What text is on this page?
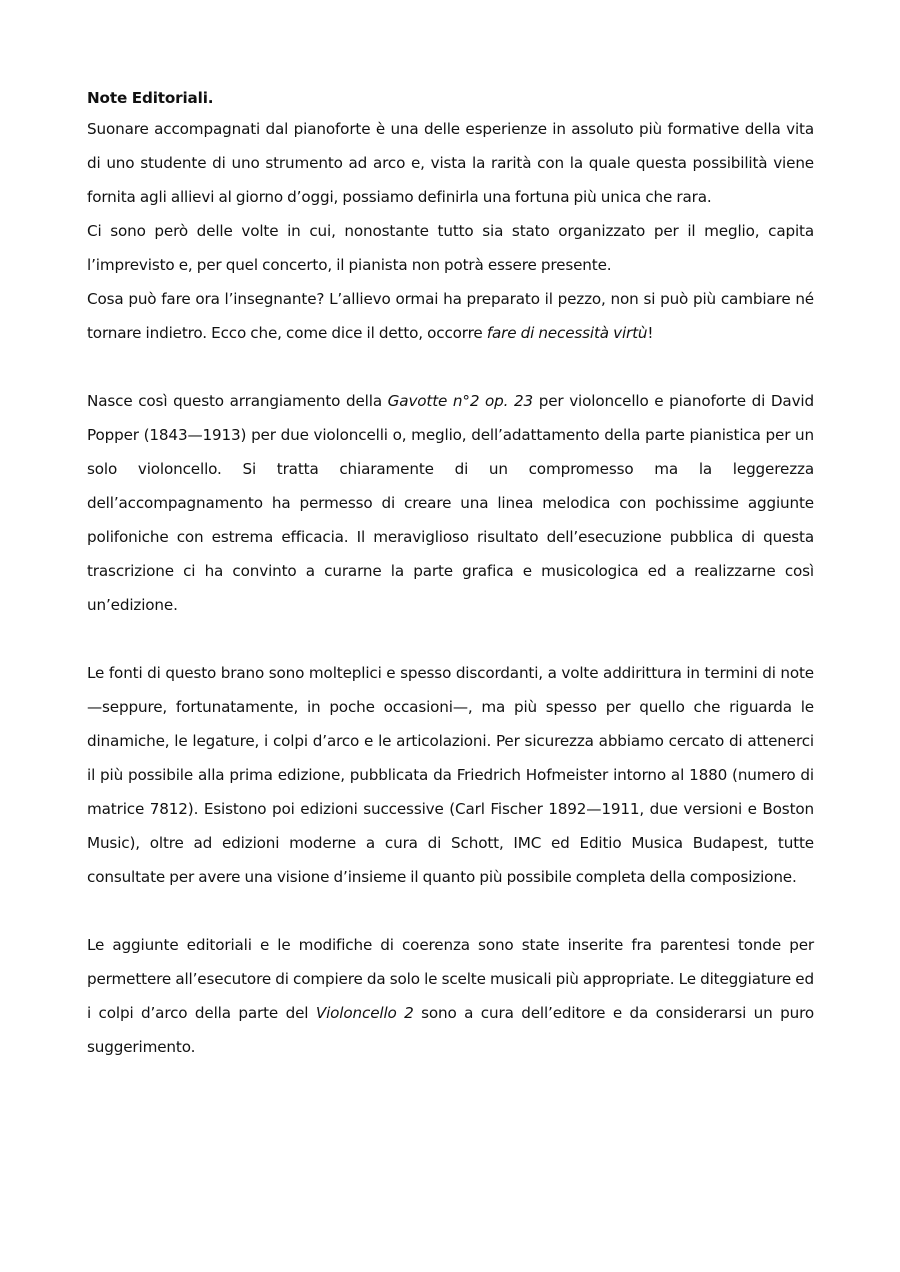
Note Editoriali.

Suonare accompagnati dal pianoforte è una delle esperienze in assoluto più formative della vita di uno studente di uno strumento ad arco e, vista la rarità con la quale questa possibilità viene fornita agli allievi al giorno d’oggi, possiamo definirla una fortuna più unica che rara.

Ci sono però delle volte in cui, nonostante tutto sia stato organizzato per il meglio, capita l’imprevisto e, per quel concerto, il pianista non potrà essere presente.

Cosa può fare ora l’insegnante? L’allievo ormai ha preparato il pezzo, non si può più cambiare né tornare indietro. Ecco che, come dice il detto, occorre fare di necessità virtù!

Nasce così questo arrangiamento della Gavotte n°2 op. 23 per violoncello e pianoforte di David Popper (1843—1913) per due violoncelli o, meglio, dell’adattamento della parte pianistica per un solo violoncello. Si tratta chiaramente di un compromesso ma la leggerezza dell’accompagnamento ha permesso di creare una linea melodica con pochissime aggiunte polifoniche con estrema efficacia. Il meraviglioso risultato dell’esecuzione pubblica di questa trascrizione ci ha convinto a curarne la parte grafica e musicologica ed a realizzarne così un’edizione.

Le fonti di questo brano sono molteplici e spesso discordanti, a volte addirittura in termini di note —seppure, fortunatamente, in poche occasioni—, ma più spesso per quello che riguarda le dinamiche, le legature, i colpi d’arco e le articolazioni. Per sicurezza abbiamo cercato di attenerci il più possibile alla prima edizione, pubblicata da Friedrich Hofmeister intorno al 1880 (numero di matrice 7812). Esistono poi edizioni successive (Carl Fischer 1892—1911, due versioni e Boston Music), oltre ad edizioni moderne a cura di Schott, IMC ed Editio Musica Budapest, tutte consultate per avere una visione d’insieme il quanto più possibile completa della composizione.

Le aggiunte editoriali e le modifiche di coerenza sono state inserite fra parentesi tonde per permettere all’esecutore di compiere da solo le scelte musicali più appropriate. Le diteggiature ed i colpi d’arco della parte del Violoncello 2 sono a cura dell’editore e da considerarsi un puro suggerimento.
